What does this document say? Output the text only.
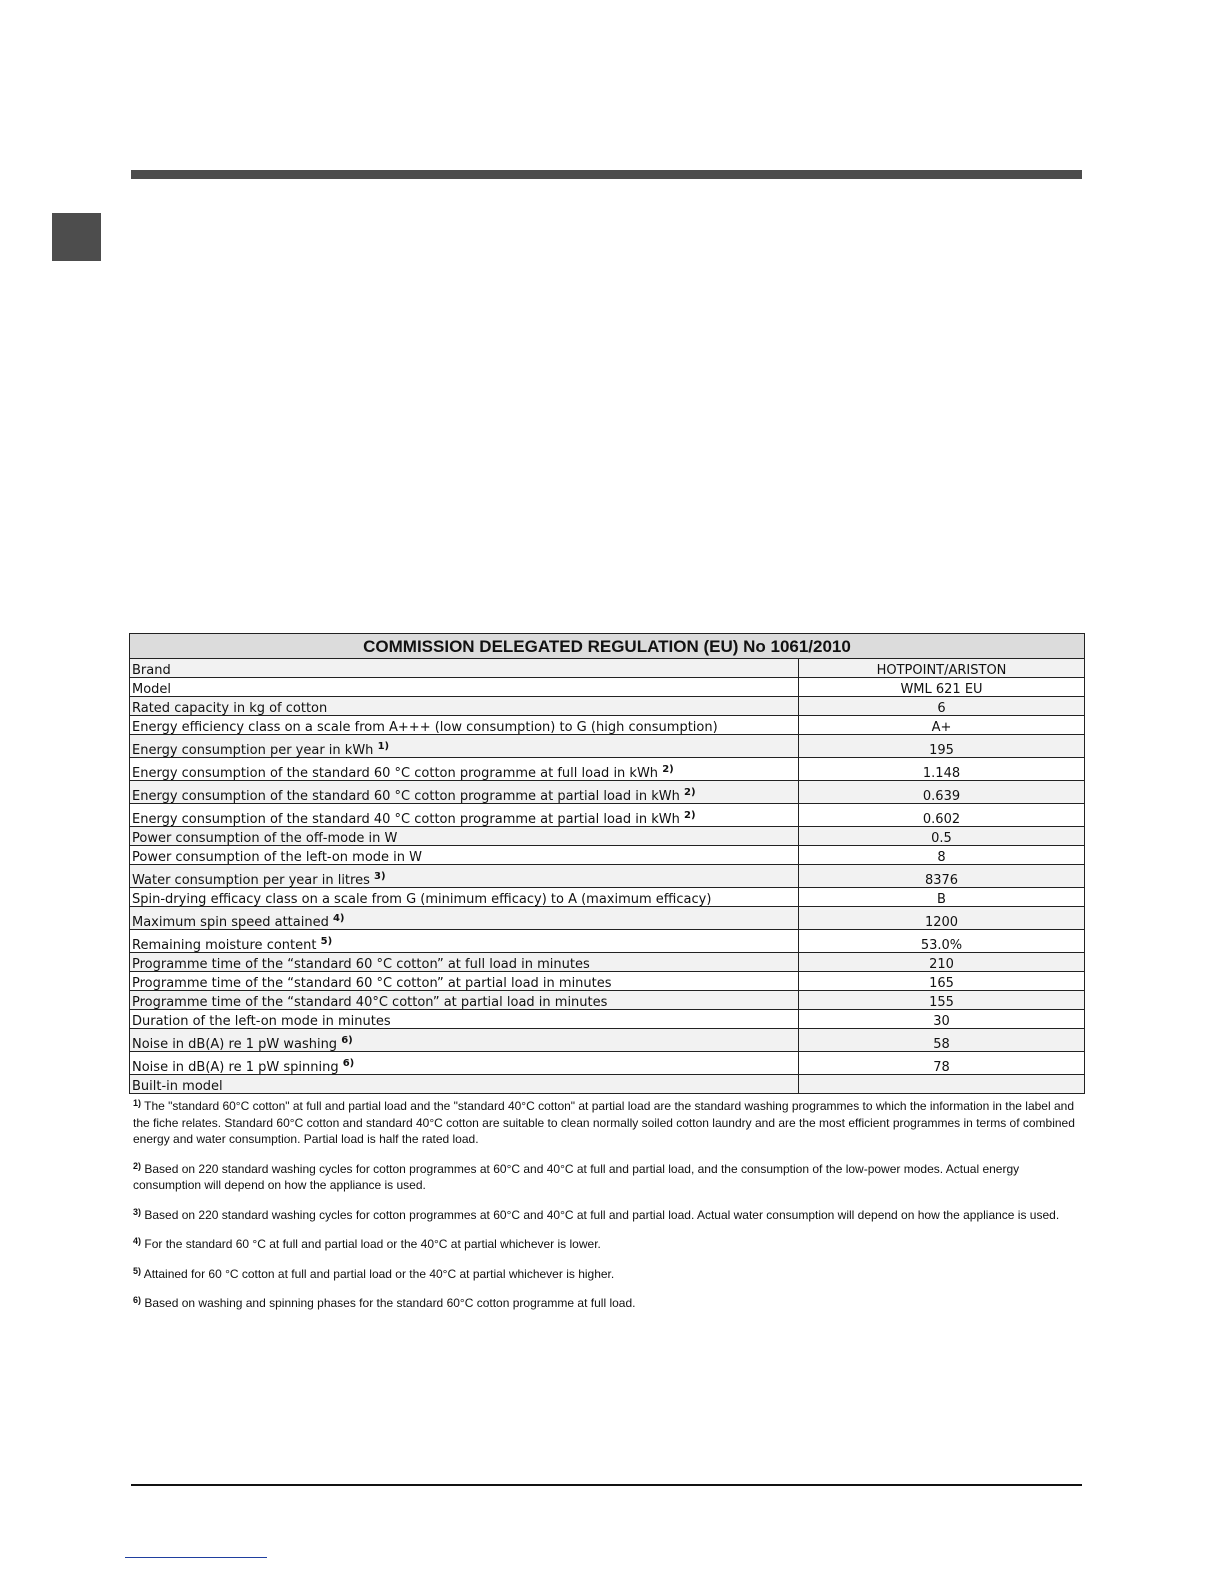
COMMISSION DELEGATED REGULATION (EU) No 1061/2010	
Brand	HOTPOINT/ARISTON
Model	WML 621 EU
Rated capacity in kg of cotton	6
Energy efficiency class on a scale from A+++ (low consumption) to G (high consumption)	A+
Energy consumption per year in kWh $^{1)}$	195
Energy consumption of the standard 60 °C cotton programme at full load in kWh $^{2)}$	1.148
Energy consumption of the standard 60 °C cotton programme at partial load in kWh $^{2)}$	0.639
Energy consumption of the standard 40 °C cotton programme at partial load in kWh $^{2)}$	0.602
Power consumption of the off-mode in W	0.5
Power consumption of the left-on mode in W	8
Water consumption per year in litres $^{3)}$	8376
Spin-drying efficacy class on a scale from G (minimum efficacy) to A (maximum efficacy)	B
Maximum spin speed attained $^{4)}$	1200
Remaining moisture content $^{5)}$	53.0%
Programme time of the “standard 60 °C cotton” at full load in minutes	210
Programme time of the “standard 60 °C cotton” at partial load in minutes	165
Programme time of the “standard 40°C cotton” at partial load in minutes	155
Duration of the left-on mode in minutes	30
Noise in dB(A) re 1 pW washing $^{6)}$	58
Noise in dB(A) re 1 pW spinning $^{6)}$	78
Built-in model	

$^{1)}$ The "standard 60°C cotton" at full and partial load and the "standard 40°C cotton" at partial load are the standard washing programmes to which the information in the label and the fiche relates. Standard 60°C cotton and standard 40°C cotton are suitable to clean normally soiled cotton laundry and are the most efficient programmes in terms of combined energy and water consumption. Partial load is half the rated load.

$^{2)}$ Based on 220 standard washing cycles for cotton programmes at 60°C and 40°C at full and partial load, and the consumption of the low-power modes. Actual energy consumption will depend on how the appliance is used.

$^{3)}$ Based on 220 standard washing cycles for cotton programmes at 60°C and 40°C at full and partial load. Actual water consumption will depend on how the appliance is used.

$^{4)}$ For the standard 60 °C at full and partial load or the 40°C at partial whichever is lower.

$^{5)}$ Attained for 60 °C cotton at full and partial load or the 40°C at partial whichever is higher.

$^{6)}$ Based on washing and spinning phases for the standard 60°C cotton programme at full load.
